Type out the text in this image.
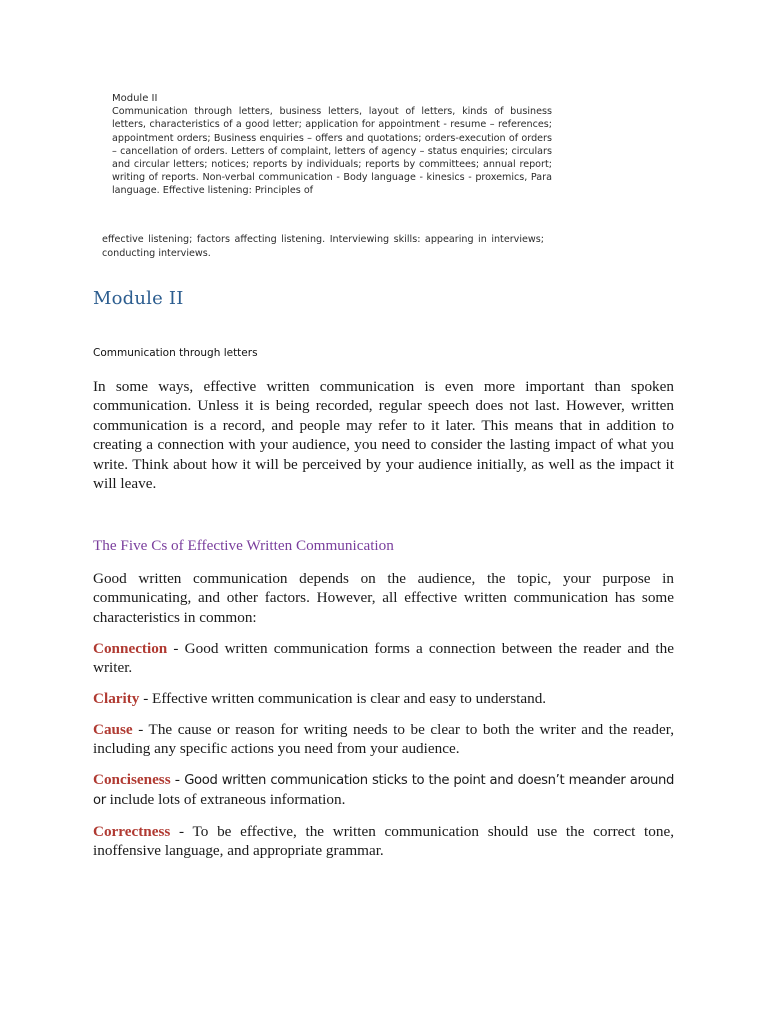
Module II
Communication through letters, business letters, layout of letters, kinds of business letters, characteristics of a good letter; application for appointment - resume – references; appointment orders; Business enquiries – offers and quotations; orders-execution of orders – cancellation of orders. Letters of complaint, letters of agency – status enquiries; circulars and circular letters; notices; reports by individuals; reports by committees; annual report; writing of reports. Non-verbal communication - Body language - kinesics - proxemics, Para language. Effective listening: Principles of
effective listening; factors affecting listening. Interviewing skills: appearing in interviews; conducting interviews.
Module II
Communication through letters

In some ways, effective written communication is even more important than spoken communication. Unless it is being recorded, regular speech does not last. However, written communication is a record, and people may refer to it later. This means that in addition to creating a connection with your audience, you need to consider the lasting impact of what you write. Think about how it will be perceived by your audience initially, as well as the impact it will leave.

The Five Cs of Effective Written Communication

Good written communication depends on the audience, the topic, your purpose in communicating, and other factors. However, all effective written communication has some characteristics in common:

Connection - Good written communication forms a connection between the reader and the writer.

Clarity - Effective written communication is clear and easy to understand.

Cause - The cause or reason for writing needs to be clear to both the writer and the reader, including any specific actions you need from your audience.

Conciseness - Good written communication sticks to the point and doesn’t meander around or include lots of extraneous information.

Correctness - To be effective, the written communication should use the correct tone, inoffensive language, and appropriate grammar.
